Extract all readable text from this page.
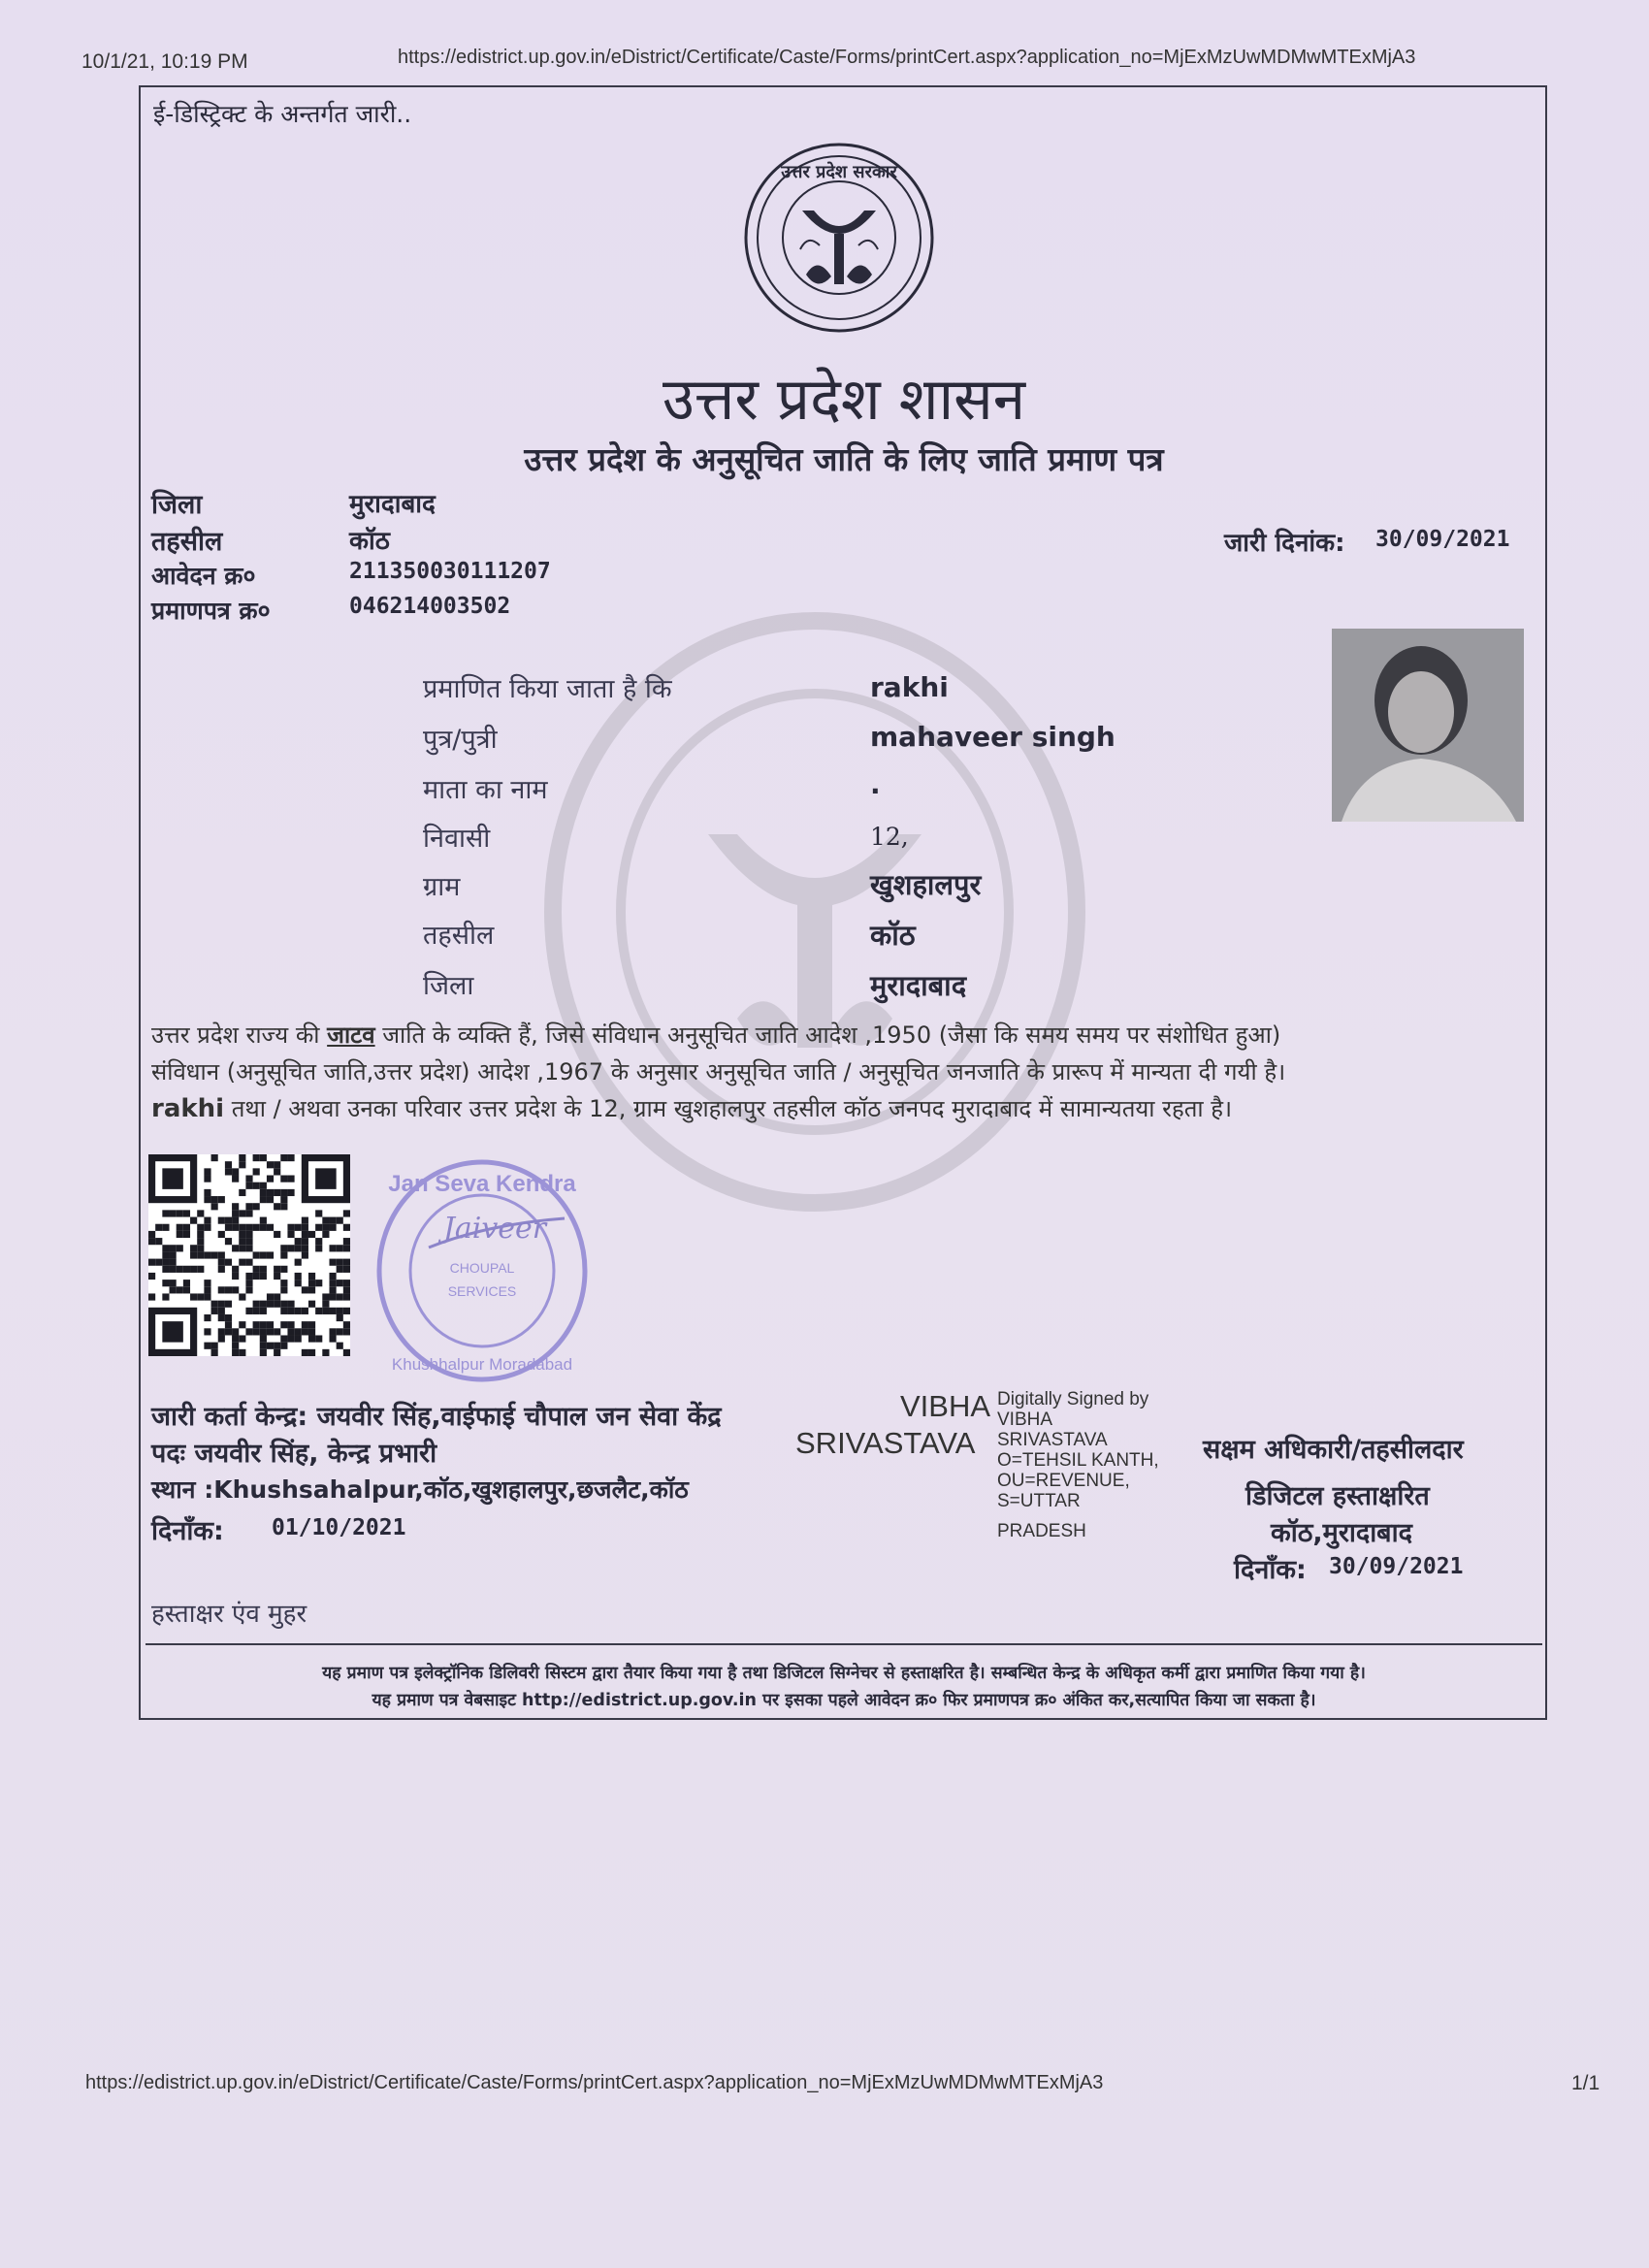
10/1/21, 10:19 PM	https://edistrict.up.gov.in/eDistrict/Certificate/Caste/Forms/printCert.aspx?application_no=MjExMzUwMDMwMTExMjA3
ई-डिस्ट्रिक्ट के अन्तर्गत जारी..
उत्तर प्रदेश सरकार
उत्तर प्रदेश शासन
उत्तर प्रदेश के अनुसूचित जाति के लिए जाति प्रमाण पत्र
जिला	मुरादाबाद
तहसील	कॉठ
आवेदन क्र०	211350030111207
प्रमाणपत्र क्र०	046214003502
जारी दिनांक: 30/09/2021
प्रमाणित किया जाता है कि	rakhi
पुत्र/पुत्री	mahaveer singh
माता का नाम	.
निवासी	12,
ग्राम	खुशहालपुर
तहसील	कॉठ
जिला	मुरादाबाद
उत्तर प्रदेश राज्य की जाटव जाति के व्यक्ति हैं, जिसे संविधान अनुसूचित जाति आदेश ,1950 (जैसा कि समय समय पर संशोधित हुआ)
संविधान (अनुसूचित जाति,उत्तर प्रदेश) आदेश ,1967 के अनुसार अनुसूचित जाति / अनुसूचित जनजाति के प्रारूप में मान्यता दी गयी है।
rakhi तथा / अथवा उनका परिवार उत्तर प्रदेश के 12, ग्राम खुशहालपुर तहसील कॉठ जनपद मुरादाबाद में सामान्यतया रहता है।
Jan Seva Kendra
CHOUPAL
SERVICES
Khushhalpur Moradabad
Jaiveer
जारी कर्ता केन्द्र: जयवीर सिंह,वाईफाई चौपाल जन सेवा केंद्र
पदः जयवीर सिंह, केन्द्र प्रभारी
स्थान :Khushsahalpur,कॉठ,खुशहालपुर,छजलैट,कॉठ
दिनाँक: 01/10/2021
VIBHA
SRIVASTAVA
Digitally Signed by
VIBHA
SRIVASTAVA
O=TEHSIL KANTH,
OU=REVENUE,
S=UTTAR
PRADESH
सक्षम अधिकारी/तहसीलदार
डिजिटल हस्ताक्षरित
कॉठ,मुरादाबाद
दिनाँक: 30/09/2021
हस्ताक्षर एंव मुहर
यह प्रमाण पत्र इलेक्ट्रॉनिक डिलिवरी सिस्टम द्वारा तैयार किया गया है तथा डिजिटल सिग्नेचर से हस्ताक्षरित है। सम्बन्धित केन्द्र के अधिकृत कर्मी द्वारा प्रमाणित किया गया है।
यह प्रमाण पत्र वेबसाइट http://edistrict.up.gov.in पर इसका पहले आवेदन क्र० फिर प्रमाणपत्र क्र० अंकित कर,सत्यापित किया जा सकता है।
https://edistrict.up.gov.in/eDistrict/Certificate/Caste/Forms/printCert.aspx?application_no=MjExMzUwMDMwMTExMjA3	1/1
